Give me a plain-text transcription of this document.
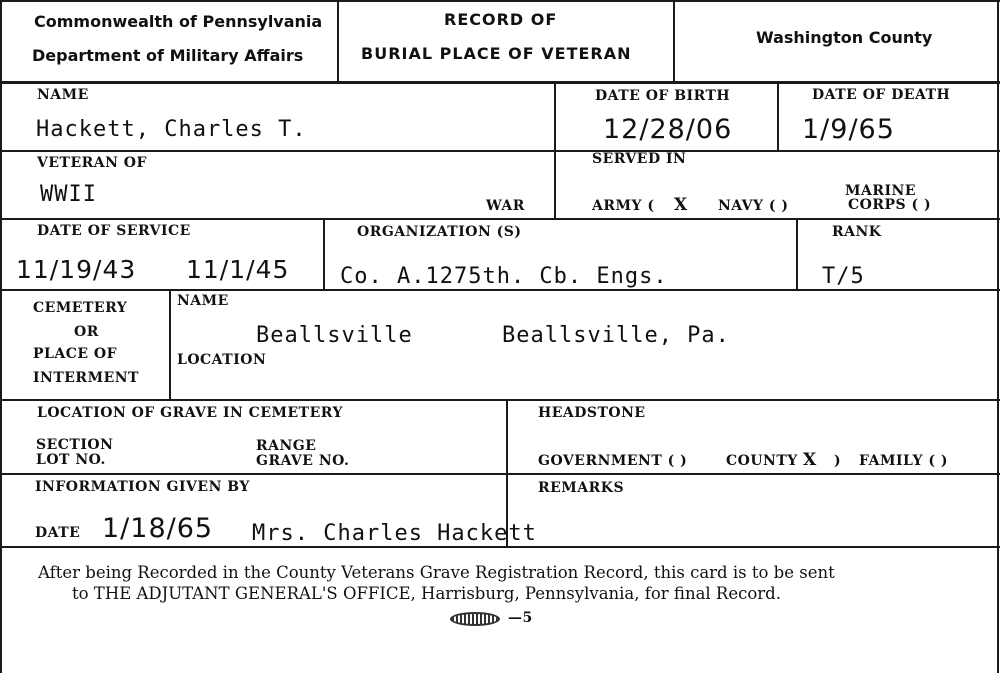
Commonwealth of Pennsylvania
Department of Military Affairs
RECORD OF
BURIAL PLACE OF VETERAN
Washington County
NAME
Hackett, Charles T.
DATE OF BIRTH
12/28/06
DATE OF DEATH
1/9/65
VETERAN OF
WWII	WAR
SERVED IN
ARMY ( X NAVY ( )
MARINE
CORPS ( )
DATE OF SERVICE
11/19/43 11/1/45
ORGANIZATION (S)
Co. A.1275th. Cb. Engs.
RANK
T/5
CEMETERY
OR
PLACE OF
INTERMENT
NAME
Beallsville	Beallsville, Pa.
LOCATION
LOCATION OF GRAVE IN CEMETERY
SECTION
LOT NO.
RANGE
GRAVE NO.
HEADSTONE
GOVERNMENT ( )	COUNTY X ) FAMILY ( )
INFORMATION GIVEN BY	REMARKS
DATE 1/18/65 Mrs. Charles Hackett
After being Recorded in the County Veterans Grave Registration Record, this card is to be sent
to THE ADJUTANT GENERAL'S OFFICE, Harrisburg, Pennsylvania, for final Record.
—5
